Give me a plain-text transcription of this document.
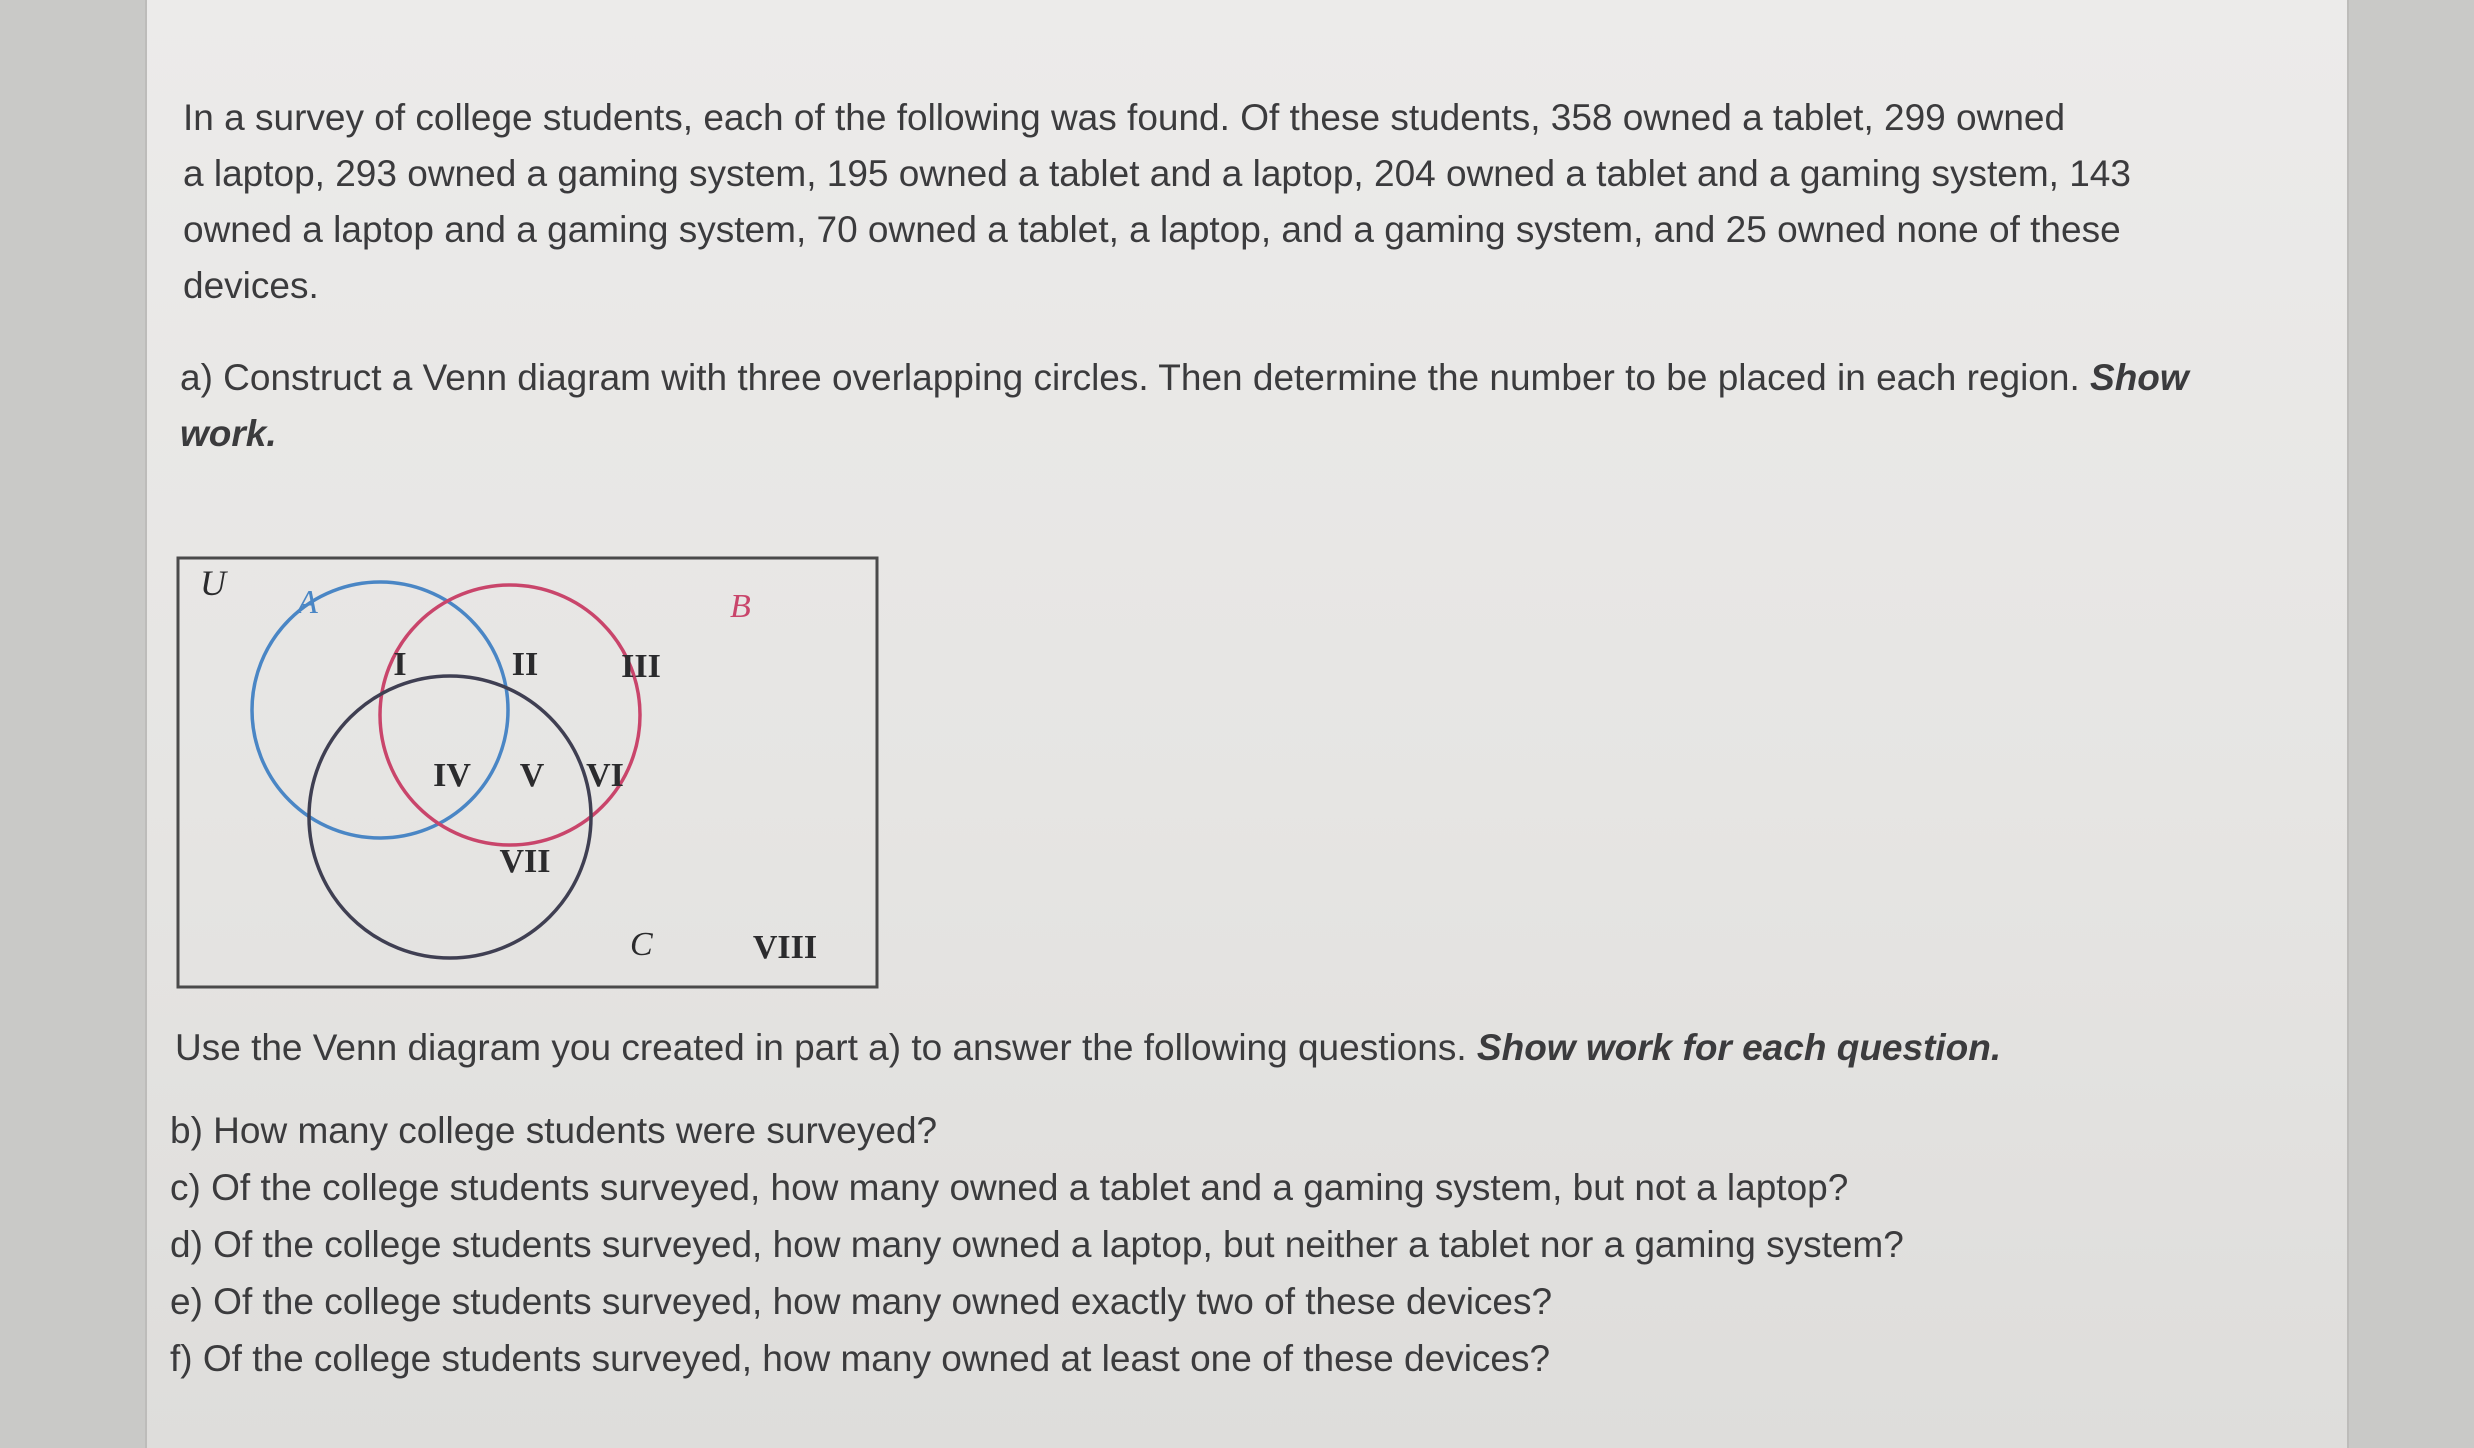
In a survey of college students, each of the following was found. Of these students, 358 owned a tablet, 299 owned

a laptop, 293 owned a gaming system, 195 owned a tablet and a laptop, 204 owned a tablet and a gaming system, 143

owned a laptop and a gaming system, 70 owned a tablet, a laptop, and a gaming system, and 25 owned none of these

devices.

a) Construct a Venn diagram with three overlapping circles. Then determine the number to be placed in each region. Show

work.

U A	B
C
I	II III
IV V VI
VII
VIII
Use the Venn diagram you created in part a) to answer the following questions. Show work for each question.
b) How many college students were surveyed?
c) Of the college students surveyed, how many owned a tablet and a gaming system, but not a laptop?
d) Of the college students surveyed, how many owned a laptop, but neither a tablet nor a gaming system?
e) Of the college students surveyed, how many owned exactly two of these devices?
f) Of the college students surveyed, how many owned at least one of these devices?
